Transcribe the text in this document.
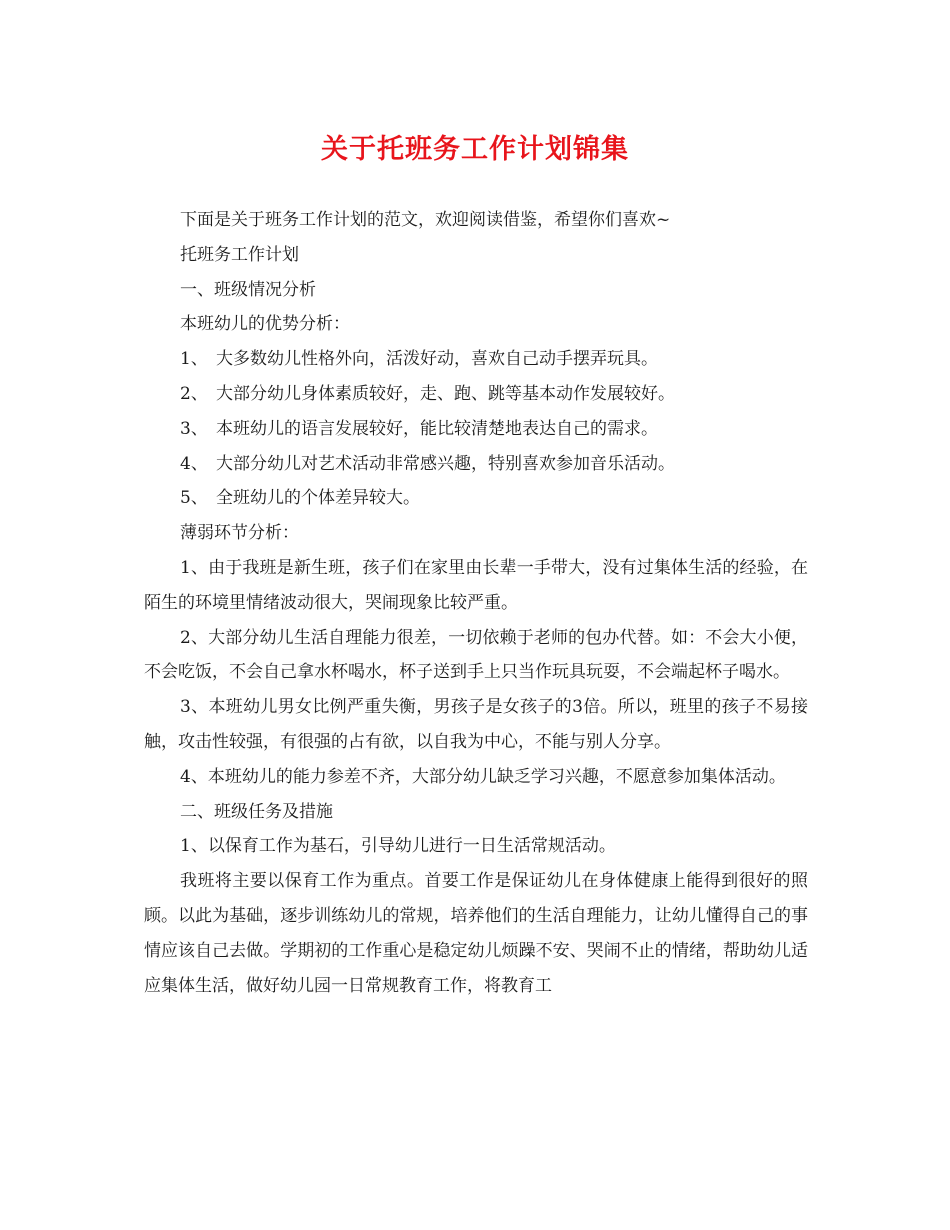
关于托班务工作计划锦集

下面是关于班务工作计划的范文，欢迎阅读借鉴，希望你们喜欢~

托班务工作计划

一、班级情况分析

本班幼儿的优势分析：

1、 大多数幼儿性格外向，活泼好动，喜欢自己动手摆弄玩具。

2、 大部分幼儿身体素质较好，走、跑、跳等基本动作发展较好。

3、 本班幼儿的语言发展较好，能比较清楚地表达自己的需求。

4、 大部分幼儿对艺术活动非常感兴趣，特别喜欢参加音乐活动。

5、 全班幼儿的个体差异较大。

薄弱环节分析：

1、由于我班是新生班，孩子们在家里由长辈一手带大，没有过集体生活的经验，在陌生的环境里情绪波动很大，哭闹现象比较严重。

2、大部分幼儿生活自理能力很差，一切依赖于老师的包办代替。如：不会大小便，不会吃饭，不会自己拿水杯喝水，杯子送到手上只当作玩具玩耍，不会端起杯子喝水。

3、本班幼儿男女比例严重失衡，男孩子是女孩子的3倍。所以，班里的孩子不易接触，攻击性较强，有很强的占有欲，以自我为中心，不能与别人分享。

4、本班幼儿的能力参差不齐，大部分幼儿缺乏学习兴趣，不愿意参加集体活动。

二、班级任务及措施

1、以保育工作为基石，引导幼儿进行一日生活常规活动。

我班将主要以保育工作为重点。首要工作是保证幼儿在身体健康上能得到很好的照顾。以此为基础，逐步训练幼儿的常规，培养他们的生活自理能力，让幼儿懂得自己的事情应该自己去做。学期初的工作重心是稳定幼儿烦躁不安、哭闹不止的情绪，帮助幼儿适应集体生活，做好幼儿园一日常规教育工作，将教育工
